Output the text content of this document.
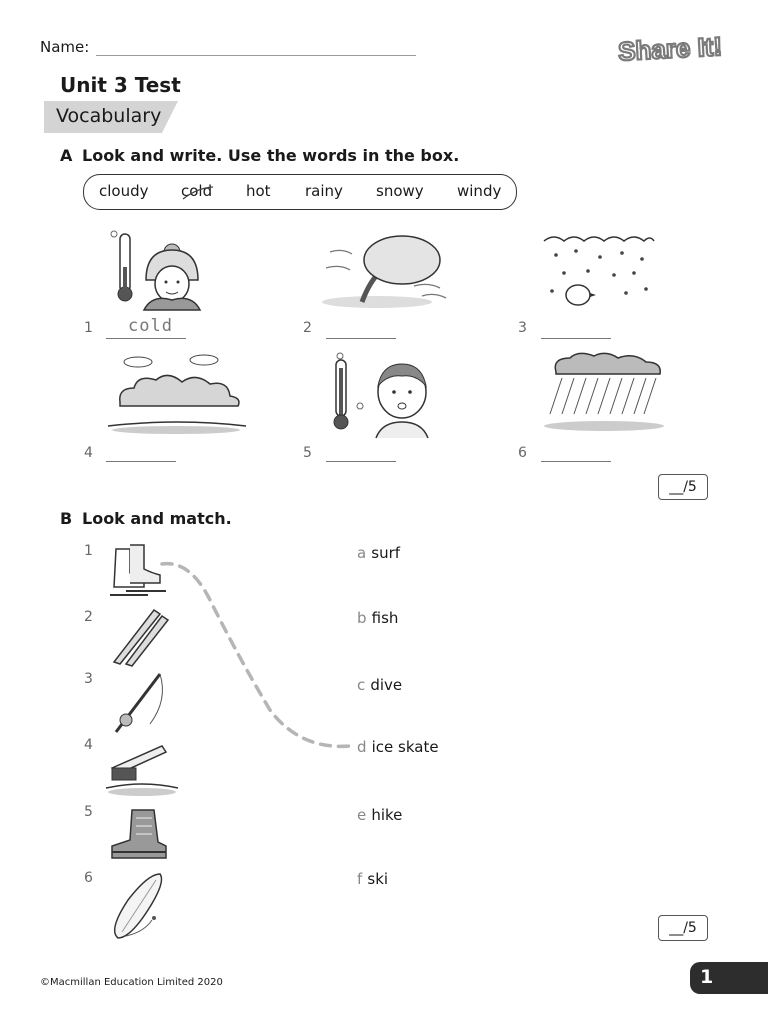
Name:	Share It!
Unit 3 Test
Vocabulary
A Look and write. Use the words in the box.
cloudy cold hot rainy snowy windy
1 cold	2	3
4	5	6
__/5
B Look and match.
1
2
3
4
5
6
a surf
b fish
c dive
d ice skate
e hike
f ski
__/5
©Macmillan Education Limited 2020	1
